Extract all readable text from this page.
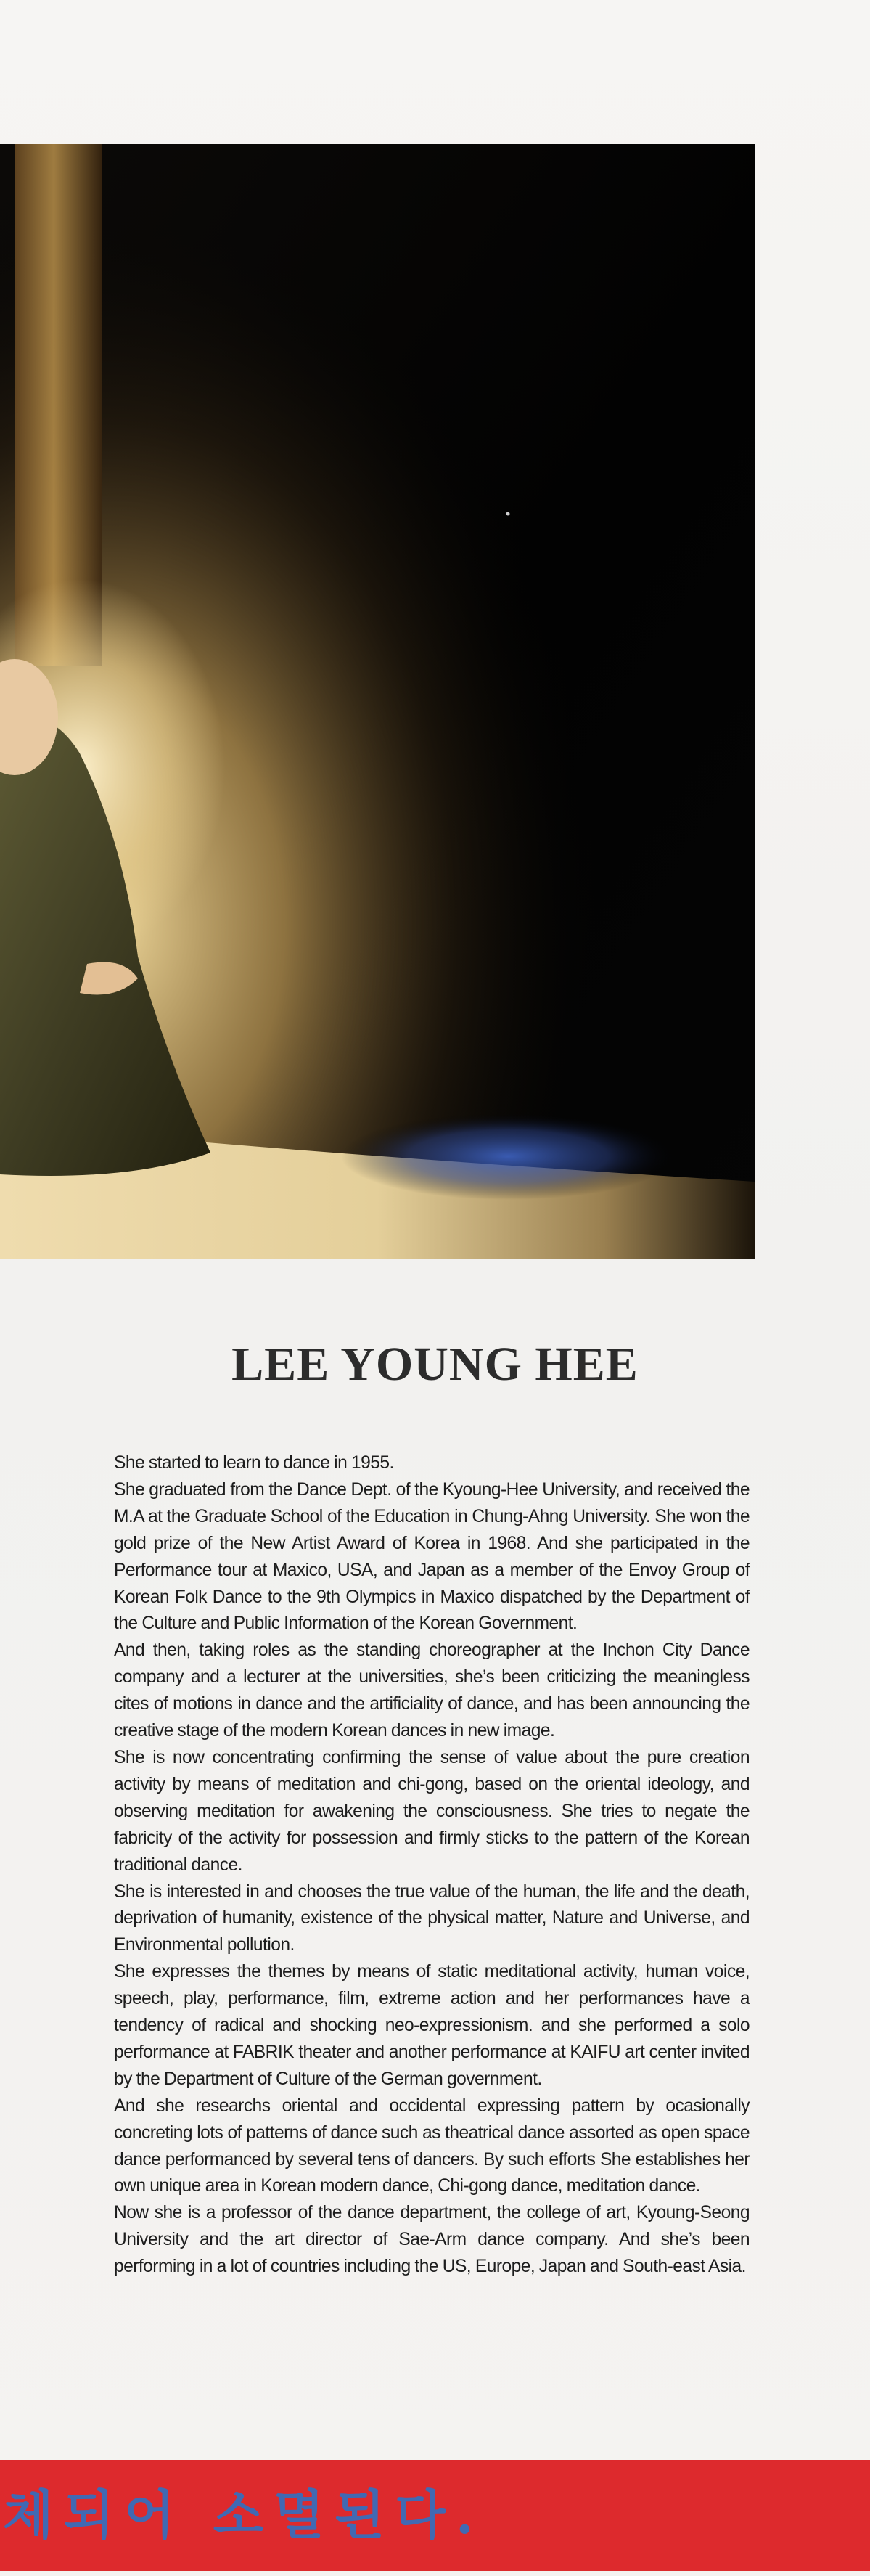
LEE YOUNG HEE

She started to learn to dance in 1955.

She graduated from the Dance Dept. of the Kyoung-Hee University, and received the M.A at the Graduate School of the Education in Chung-Ahng University. She won the gold prize of the New Artist Award of Korea in 1968. And she participated in the Performance tour at Maxico, USA, and Japan as a member of the Envoy Group of Korean Folk Dance to the 9th Olympics in Maxico dispatched by the Department of the Culture and Public Information of the Korean Government.

And then, taking roles as the standing choreographer at the Inchon City Dance company and a lecturer at the universities, she’s been criticizing the meaningless cites of motions in dance and the artificiality of dance, and has been announcing the creative stage of the modern Korean dances in new image.

She is now concentrating confirming the sense of value about the pure creation activity by means of meditation and chi-gong, based on the oriental ideology, and observing meditation for awakening the consciousness. She tries to negate the fabricity of the activity for possession and firmly sticks to the pattern of the Korean traditional dance.

She is interested in and chooses the true value of the human, the life and the death, deprivation of humanity, existence of the physical matter, Nature and Universe, and Environmental pollution.

She expresses the themes by means of static meditational activity, human voice, speech, play, performance, film, extreme action and her performances have a tendency of radical and shocking neo-expressionism. and she performed a solo performance at FABRIK theater and another performance at KAIFU art center invited by the Department of Culture of the German government.

And she researchs oriental and occidental expressing pattern by ocasionally concreting lots of patterns of dance such as theatrical dance assorted as open space dance performanced by several tens of dancers. By such efforts She establishes her own unique area in Korean modern dance, Chi-gong dance, meditation dance.

Now she is a professor of the dance department, the college of art, Kyoung-Seong University and the art director of Sae-Arm dance company. And she’s been performing in a lot of countries including the US, Europe, Japan and South-east Asia.

체되어 소멸된다.
